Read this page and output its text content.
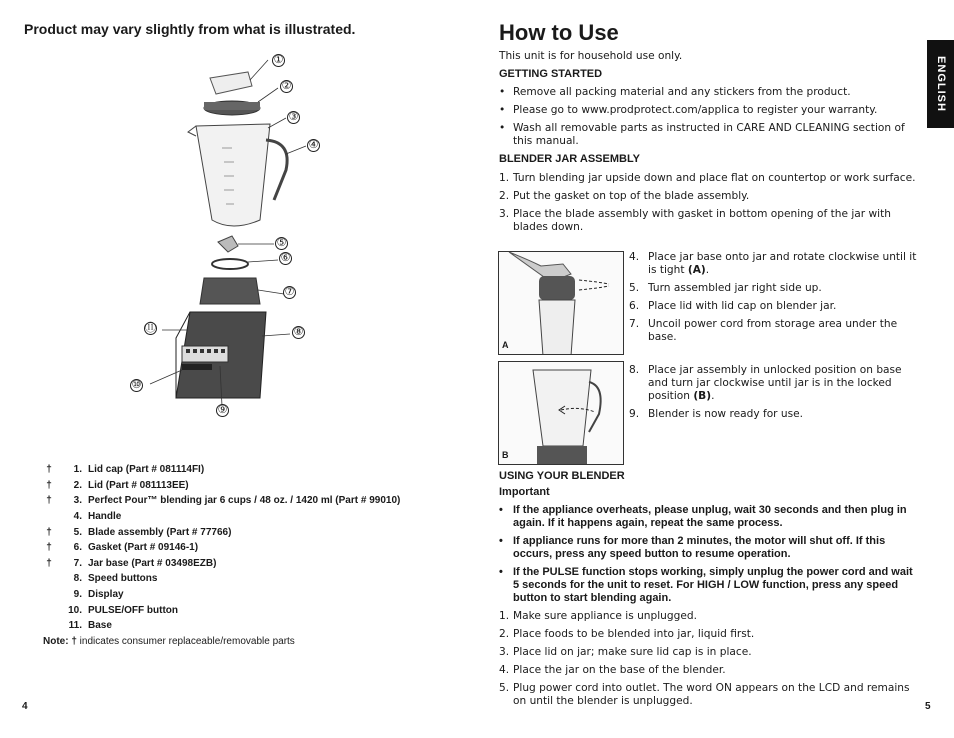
Product may vary slightly from what is illustrated.
①
②
③
④
⑤
⑥
⑦
⑧
⑨
⑩
⑪
†	1. Lid cap (Part # 081114FI)
†	2. Lid (Part # 081113EE)
†	3. Perfect Pour™ blending jar 6 cups / 48 oz. / 1420 ml (Part # 99010)
4. Handle
†	5. Blade assembly (Part # 77766)
†	6. Gasket (Part # 09146-1)
†	7. Jar base (Part # 03498EZB)
8. Speed buttons
9. Display
10. PULSE/OFF button
11. Base
Note: † indicates consumer replaceable/removable parts
4
How to Use
ENGLISH
This unit is for household use only.
GETTING STARTED
• Remove all packing material and any stickers from the product.
• Please go to www.prodprotect.com/applica to register your warranty.
• Wash all removable parts as instructed in CARE AND CLEANING section of this manual.
BLENDER JAR ASSEMBLY
1. Turn blending jar upside down and place flat on countertop or work surface.
2. Put the gasket on top of the blade assembly.
3. Place the blade assembly with gasket in bottom opening of the jar with blades down.
A
4. Place jar base onto jar and rotate clockwise until it is tight (A).
5. Turn assembled jar right side up.
6. Place lid with lid cap on blender jar.
7. Uncoil power cord from storage area under the base.
B
8. Place jar assembly in unlocked position on base and turn jar clockwise until jar is in the locked position (B).
9. Blender is now ready for use.
USING YOUR BLENDER
Important
• If the appliance overheats, please unplug, wait 30 seconds and then plug in again. If it happens again, repeat the same process.
• If appliance runs for more than 2 minutes, the motor will shut off. If this occurs, press any speed button to resume operation.
• If the PULSE function stops working, simply unplug the power cord and wait 5 seconds for the unit to reset. For HIGH / LOW function, press any speed button to start blending again.
1. Make sure appliance is unplugged.
2. Place foods to be blended into jar, liquid first.
3. Place lid on jar; make sure lid cap is in place.
4. Place the jar on the base of the blender.
5. Plug power cord into outlet. The word ON appears on the LCD and remains on until the blender is unplugged.	5
